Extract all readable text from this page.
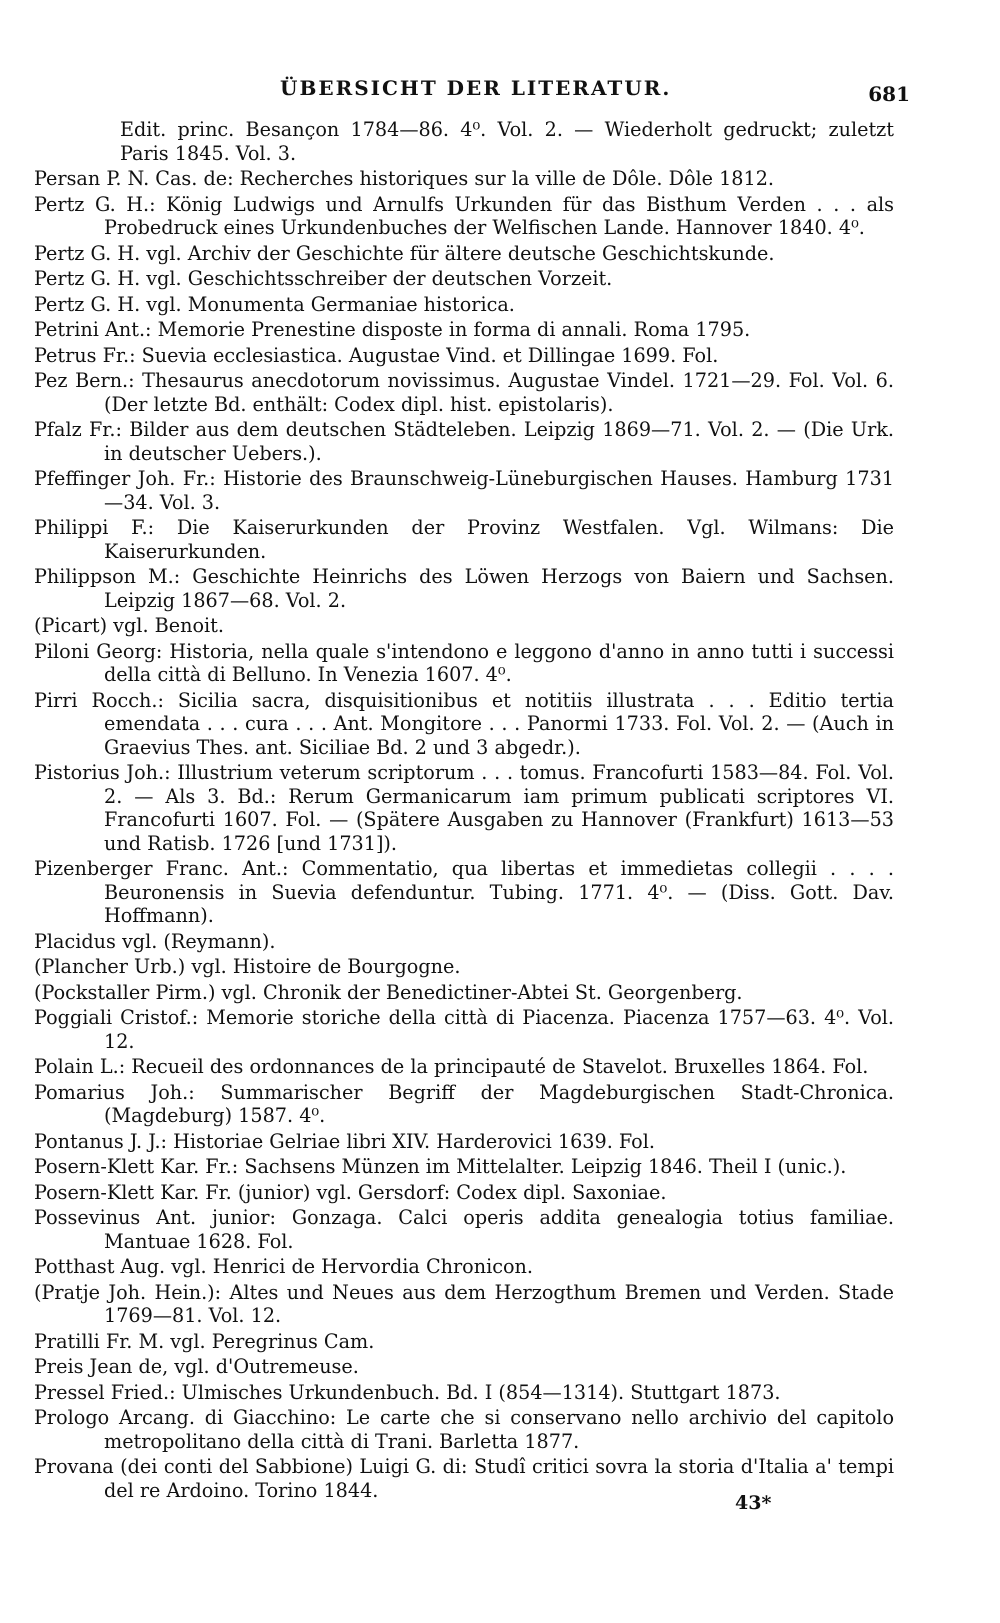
ÜBERSICHT DER LITERATUR.	681

Edit. princ. Besançon 1784—86. 4⁰. Vol. 2. — Wiederholt gedruckt; zuletzt Paris 1845. Vol. 3.

Persan P. N. Cas. de: Recherches historiques sur la ville de Dôle. Dôle 1812.

Pertz G. H.: König Ludwigs und Arnulfs Urkunden für das Bisthum Verden . . . als Probedruck eines Urkundenbuches der Welfischen Lande. Hannover 1840. 4⁰.

Pertz G. H. vgl. Archiv der Geschichte für ältere deutsche Geschichtskunde.

Pertz G. H. vgl. Geschichtsschreiber der deutschen Vorzeit.

Pertz G. H. vgl. Monumenta Germaniae historica.

Petrini Ant.: Memorie Prenestine disposte in forma di annali. Roma 1795.

Petrus Fr.: Suevia ecclesiastica. Augustae Vind. et Dillingae 1699. Fol.

Pez Bern.: Thesaurus anecdotorum novissimus. Augustae Vindel. 1721—29. Fol. Vol. 6. (Der letzte Bd. enthält: Codex dipl. hist. epistolaris).

Pfalz Fr.: Bilder aus dem deutschen Städteleben. Leipzig 1869—71. Vol. 2. — (Die Urk. in deutscher Uebers.).

Pfeffinger Joh. Fr.: Historie des Braunschweig-Lüneburgischen Hauses. Hamburg 1731—34. Vol. 3.

Philippi F.: Die Kaiserurkunden der Provinz Westfalen. Vgl. Wilmans: Die Kaiserurkunden.

Philippson M.: Geschichte Heinrichs des Löwen Herzogs von Baiern und Sachsen. Leipzig 1867—68. Vol. 2.

(Picart) vgl. Benoit.

Piloni Georg: Historia, nella quale s'intendono e leggono d'anno in anno tutti i successi della città di Belluno. In Venezia 1607. 4⁰.

Pirri Rocch.: Sicilia sacra, disquisitionibus et notitiis illustrata . . . Editio tertia emendata . . . cura . . . Ant. Mongitore . . . Panormi 1733. Fol. Vol. 2. — (Auch in Graevius Thes. ant. Siciliae Bd. 2 und 3 abgedr.).

Pistorius Joh.: Illustrium veterum scriptorum . . . tomus. Francofurti 1583—84. Fol. Vol. 2. — Als 3. Bd.: Rerum Germanicarum iam primum publicati scriptores VI. Francofurti 1607. Fol. — (Spätere Ausgaben zu Hannover (Frankfurt) 1613—53 und Ratisb. 1726 [und 1731]).

Pizenberger Franc. Ant.: Commentatio, qua libertas et immedietas collegii . . . . Beuronensis in Suevia defenduntur. Tubing. 1771. 4⁰. — (Diss. Gott. Dav. Hoffmann).

Placidus vgl. (Reymann).

(Plancher Urb.) vgl. Histoire de Bourgogne.

(Pockstaller Pirm.) vgl. Chronik der Benedictiner-Abtei St. Georgenberg.

Poggiali Cristof.: Memorie storiche della città di Piacenza. Piacenza 1757—63. 4⁰. Vol. 12.

Polain L.: Recueil des ordonnances de la principauté de Stavelot. Bruxelles 1864. Fol.

Pomarius Joh.: Summarischer Begriff der Magdeburgischen Stadt-Chronica. (Magdeburg) 1587. 4⁰.

Pontanus J. J.: Historiae Gelriae libri XIV. Harderovici 1639. Fol.

Posern-Klett Kar. Fr.: Sachsens Münzen im Mittelalter. Leipzig 1846. Theil I (unic.).

Posern-Klett Kar. Fr. (junior) vgl. Gersdorf: Codex dipl. Saxoniae.

Possevinus Ant. junior: Gonzaga. Calci operis addita genealogia totius familiae. Mantuae 1628. Fol.

Potthast Aug. vgl. Henrici de Hervordia Chronicon.

(Pratje Joh. Hein.): Altes und Neues aus dem Herzogthum Bremen und Verden. Stade 1769—81. Vol. 12.

Pratilli Fr. M. vgl. Peregrinus Cam.

Preis Jean de, vgl. d'Outremeuse.

Pressel Fried.: Ulmisches Urkundenbuch. Bd. I (854—1314). Stuttgart 1873.

Prologo Arcang. di Giacchino: Le carte che si conservano nello archivio del capitolo metropolitano della città di Trani. Barletta 1877.

Provana (dei conti del Sabbione) Luigi G. di: Studî critici sovra la storia d'Italia a' tempi del re Ardoino. Torino 1844.

43*
